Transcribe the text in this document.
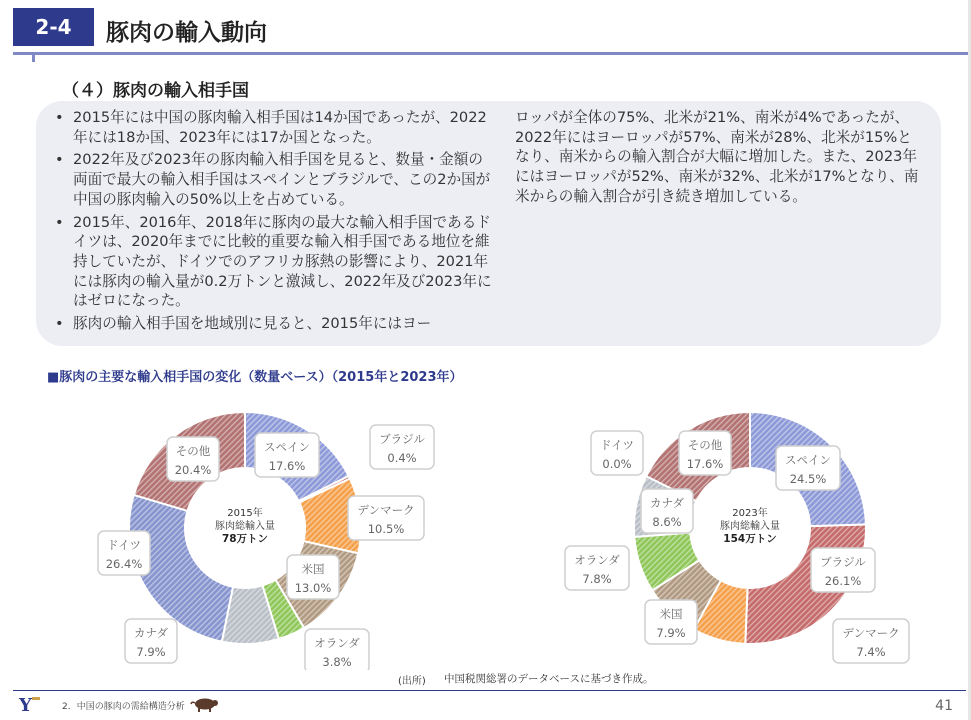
2-4	豚肉の輸入動向
（４）豚肉の輸入相手国
• 2015年には中国の豚肉輸入相手国は14か国であったが、2022年には18か国、2023年には17か国となった。
• 2022年及び2023年の豚肉輸入相手国を見ると、数量・金額の両面で最大の輸入相手国はスペインとブラジルで、この2か国が中国の豚肉輸入の50%以上を占めている。
• 2015年、2016年、2018年に豚肉の最大な輸入相手国であるドイツは、2020年までに比較的重要な輸入相手国である地位を維持していたが、ドイツでのアフリカ豚熱の影響により、2021年には豚肉の輸入量が0.2万トンと激減し、2022年及び2023年にはゼロになった。
• 豚肉の輸入相手国を地域別に見ると、2015年にはヨー
ロッパが全体の75%、北米が21%、南米が4%であったが、2022年にはヨーロッパが57%、南米が28%、北米が15%となり、南米からの輸入割合が大幅に増加した。また、2023年にはヨーロッパが52%、南米が32%、北米が17%となり、南米からの輸入割合が引き続き増加している。
■豚肉の主要な輸入相手国の変化（数量ベース）（2015年と2023年）
2015年
豚肉総輸入量
78万トン
スペイン
17.6%
ブラジル
0.4%
デンマーク
10.5%
米国
13.0%
オランダ
3.8%
カナダ
7.9%
ドイツ
26.4%
その他
20.4%
2023年
豚肉総輸入量
154万トン
スペイン
24.5%
ブラジル
26.1%
デンマーク
7.4%
米国
7.9%
オランダ
7.8%
カナダ
8.6%
ドイツ
0.0%
その他
17.6%
(出所) 中国税関総署のデータベースに基づき作成。
Y	2．中国の豚肉の需給構造分析	41
